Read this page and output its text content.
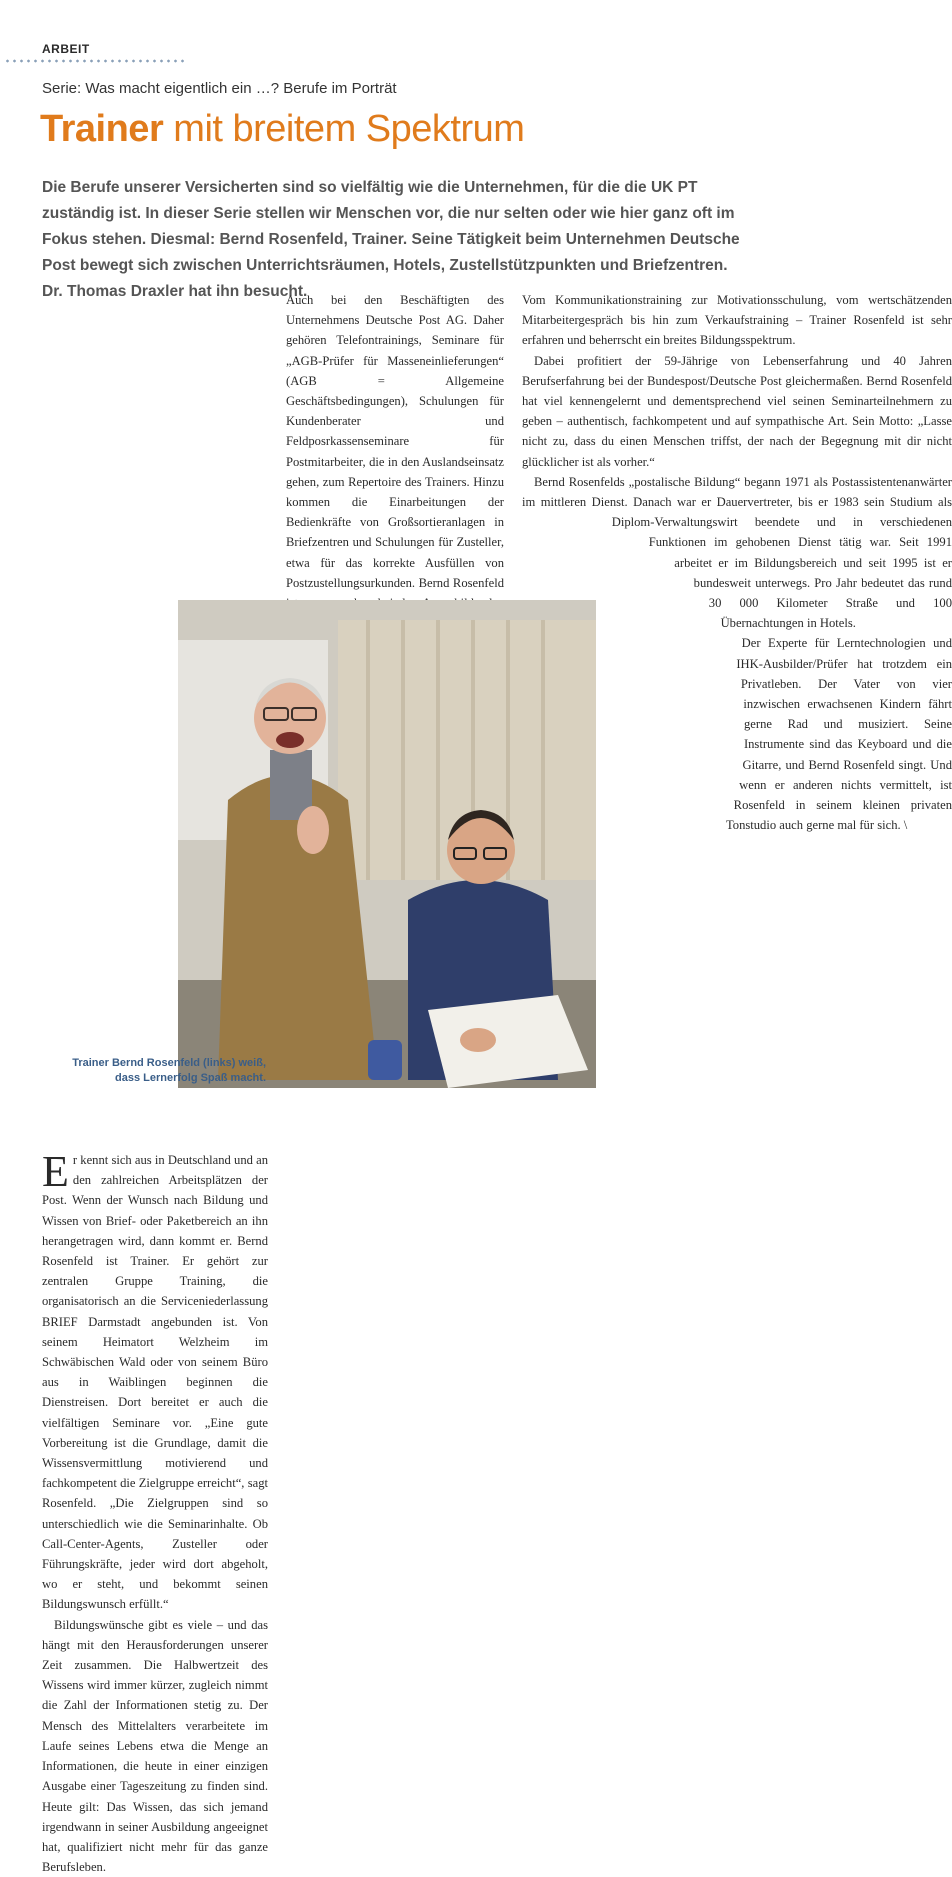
ARBEIT
Serie: Was macht eigentlich ein …? Berufe im Porträt
Trainer mit breitem Spektrum

Die Berufe unserer Versicherten sind so vielfältig wie die Unternehmen, für die die UK PT zuständig ist. In dieser Serie stellen wir Menschen vor, die nur selten oder wie hier ganz oft im Fokus stehen. Diesmal: Bernd Rosenfeld, Trainer. Seine Tätigkeit beim Unternehmen Deutsche Post bewegt sich zwischen Unterrichtsräumen, Hotels, Zustellstützpunkten und Briefzentren. Dr. Thomas Draxler hat ihn besucht.

Er kennt sich aus in Deutschland und an den zahlreichen Arbeitsplätzen der Post. Wenn der Wunsch nach Bildung und Wissen von Brief- oder Paketbereich an ihn herangetragen wird, dann kommt er. Bernd Rosenfeld ist Trainer. Er gehört zur zentralen Gruppe Training, die organisatorisch an die Serviceniederlassung BRIEF Darmstadt angebunden ist. Von seinem Heimatort Welzheim im Schwäbischen Wald oder von seinem Büro aus in Waiblingen beginnen die Dienstreisen. Dort bereitet er auch die vielfältigen Seminare vor. „Eine gute Vorbereitung ist die Grundlage, damit die Wissensvermittlung motivierend und fachkompetent die Zielgruppe erreicht“, sagt Rosenfeld. „Die Zielgruppen sind so unterschiedlich wie die Seminarinhalte. Ob Call-Center-Agents, Zusteller oder Führungskräfte, jeder wird dort abgeholt, wo er steht, und bekommt seinen Bildungswunsch erfüllt.“

Bildungswünsche gibt es viele – und das hängt mit den Herausforderungen unserer Zeit zusammen. Die Halbwertzeit des Wissens wird immer kürzer, zugleich nimmt die Zahl der Informationen stetig zu. Der Mensch des Mittelalters verarbeitete im Laufe seines Lebens etwa die Menge an Informationen, die heute in einer einzigen Ausgabe einer Tageszeitung zu finden sind. Heute gilt: Das Wissen, das sich jemand irgendwann in seiner Ausbildung angeeignet hat, qualifiziert nicht mehr für das ganze Berufsleben.

Auch bei den Beschäftigten des Unternehmens Deutsche Post AG. Daher gehören Telefontrainings, Seminare für „AGB-Prüfer für Masseneinlieferungen“ (AGB = Allgemeine Geschäftsbedingungen), Schulungen für Kundenberater und Feldposrkassenseminare für Postmitarbeiter, die in den Auslandseinsatz gehen, zum Repertoire des Trainers. Hinzu kommen die Einarbeitungen der Bedienkräfte von Großsortieranlagen in Briefzentren und Schulungen für Zusteller, etwa für das korrekte Ausfüllen von Postzustellungsurkunden. Bernd Rosenfeld

Vom Kommunikationstraining zur Motivationsschulung, vom wertschätzenden Mitarbeitergespräch bis hin zum Verkaufstraining – Trainer Rosenfeld ist sehr erfahren und beherrscht ein breites Bildungsspektrum.

Dabei profitiert der 59-Jährige von Lebenserfahrung und 40 Jahren Berufserfahrung bei der Bundespost/Deutsche Post gleichermaßen. Bernd Rosenfeld hat viel kennengelernt und dementsprechend viel seinen Seminarteilnehmern zu geben – authentisch, fachkompetent und auf sympathische Art. Sein Motto: „Lasse nicht zu, dass du einen Menschen triffst, der nach der Begegnung mit dir nicht glücklicher ist als vorher.“

Bernd Rosenfelds „postalische Bildung“ begann 1971 als Postassistentenanwärter im mittleren Dienst. Danach war er Dauervertreter, bis er 1983 sein Studium als Diplom-Verwaltungswirt beendete und in verschiedenen Funktionen im gehobenen Dienst tätig war. Seit 1991 arbeitet er im Bildungsbereich und seit 1995 ist er bundesweit unterwegs. Pro Jahr bedeutet das rund 30 000 Kilometer Straße und 100 Übernachtungen in Hotels.

Der Experte für Lerntechnologien und IHK-Ausbilder/Prüfer hat trotzdem ein Privatleben. Der Vater von vier inzwischen erwachsenen Kindern fährt gerne Rad und musiziert. Seine Instrumente sind das Keyboard und die Gitarre, und Bernd Rosenfeld singt. Und wenn er anderen nichts vermittelt, ist Rosenfeld in seinem kleinen privaten Tonstudio auch gerne mal für sich. \

Trainer Bernd Rosenfeld (links) weiß, dass Lernerfolg Spaß macht.
